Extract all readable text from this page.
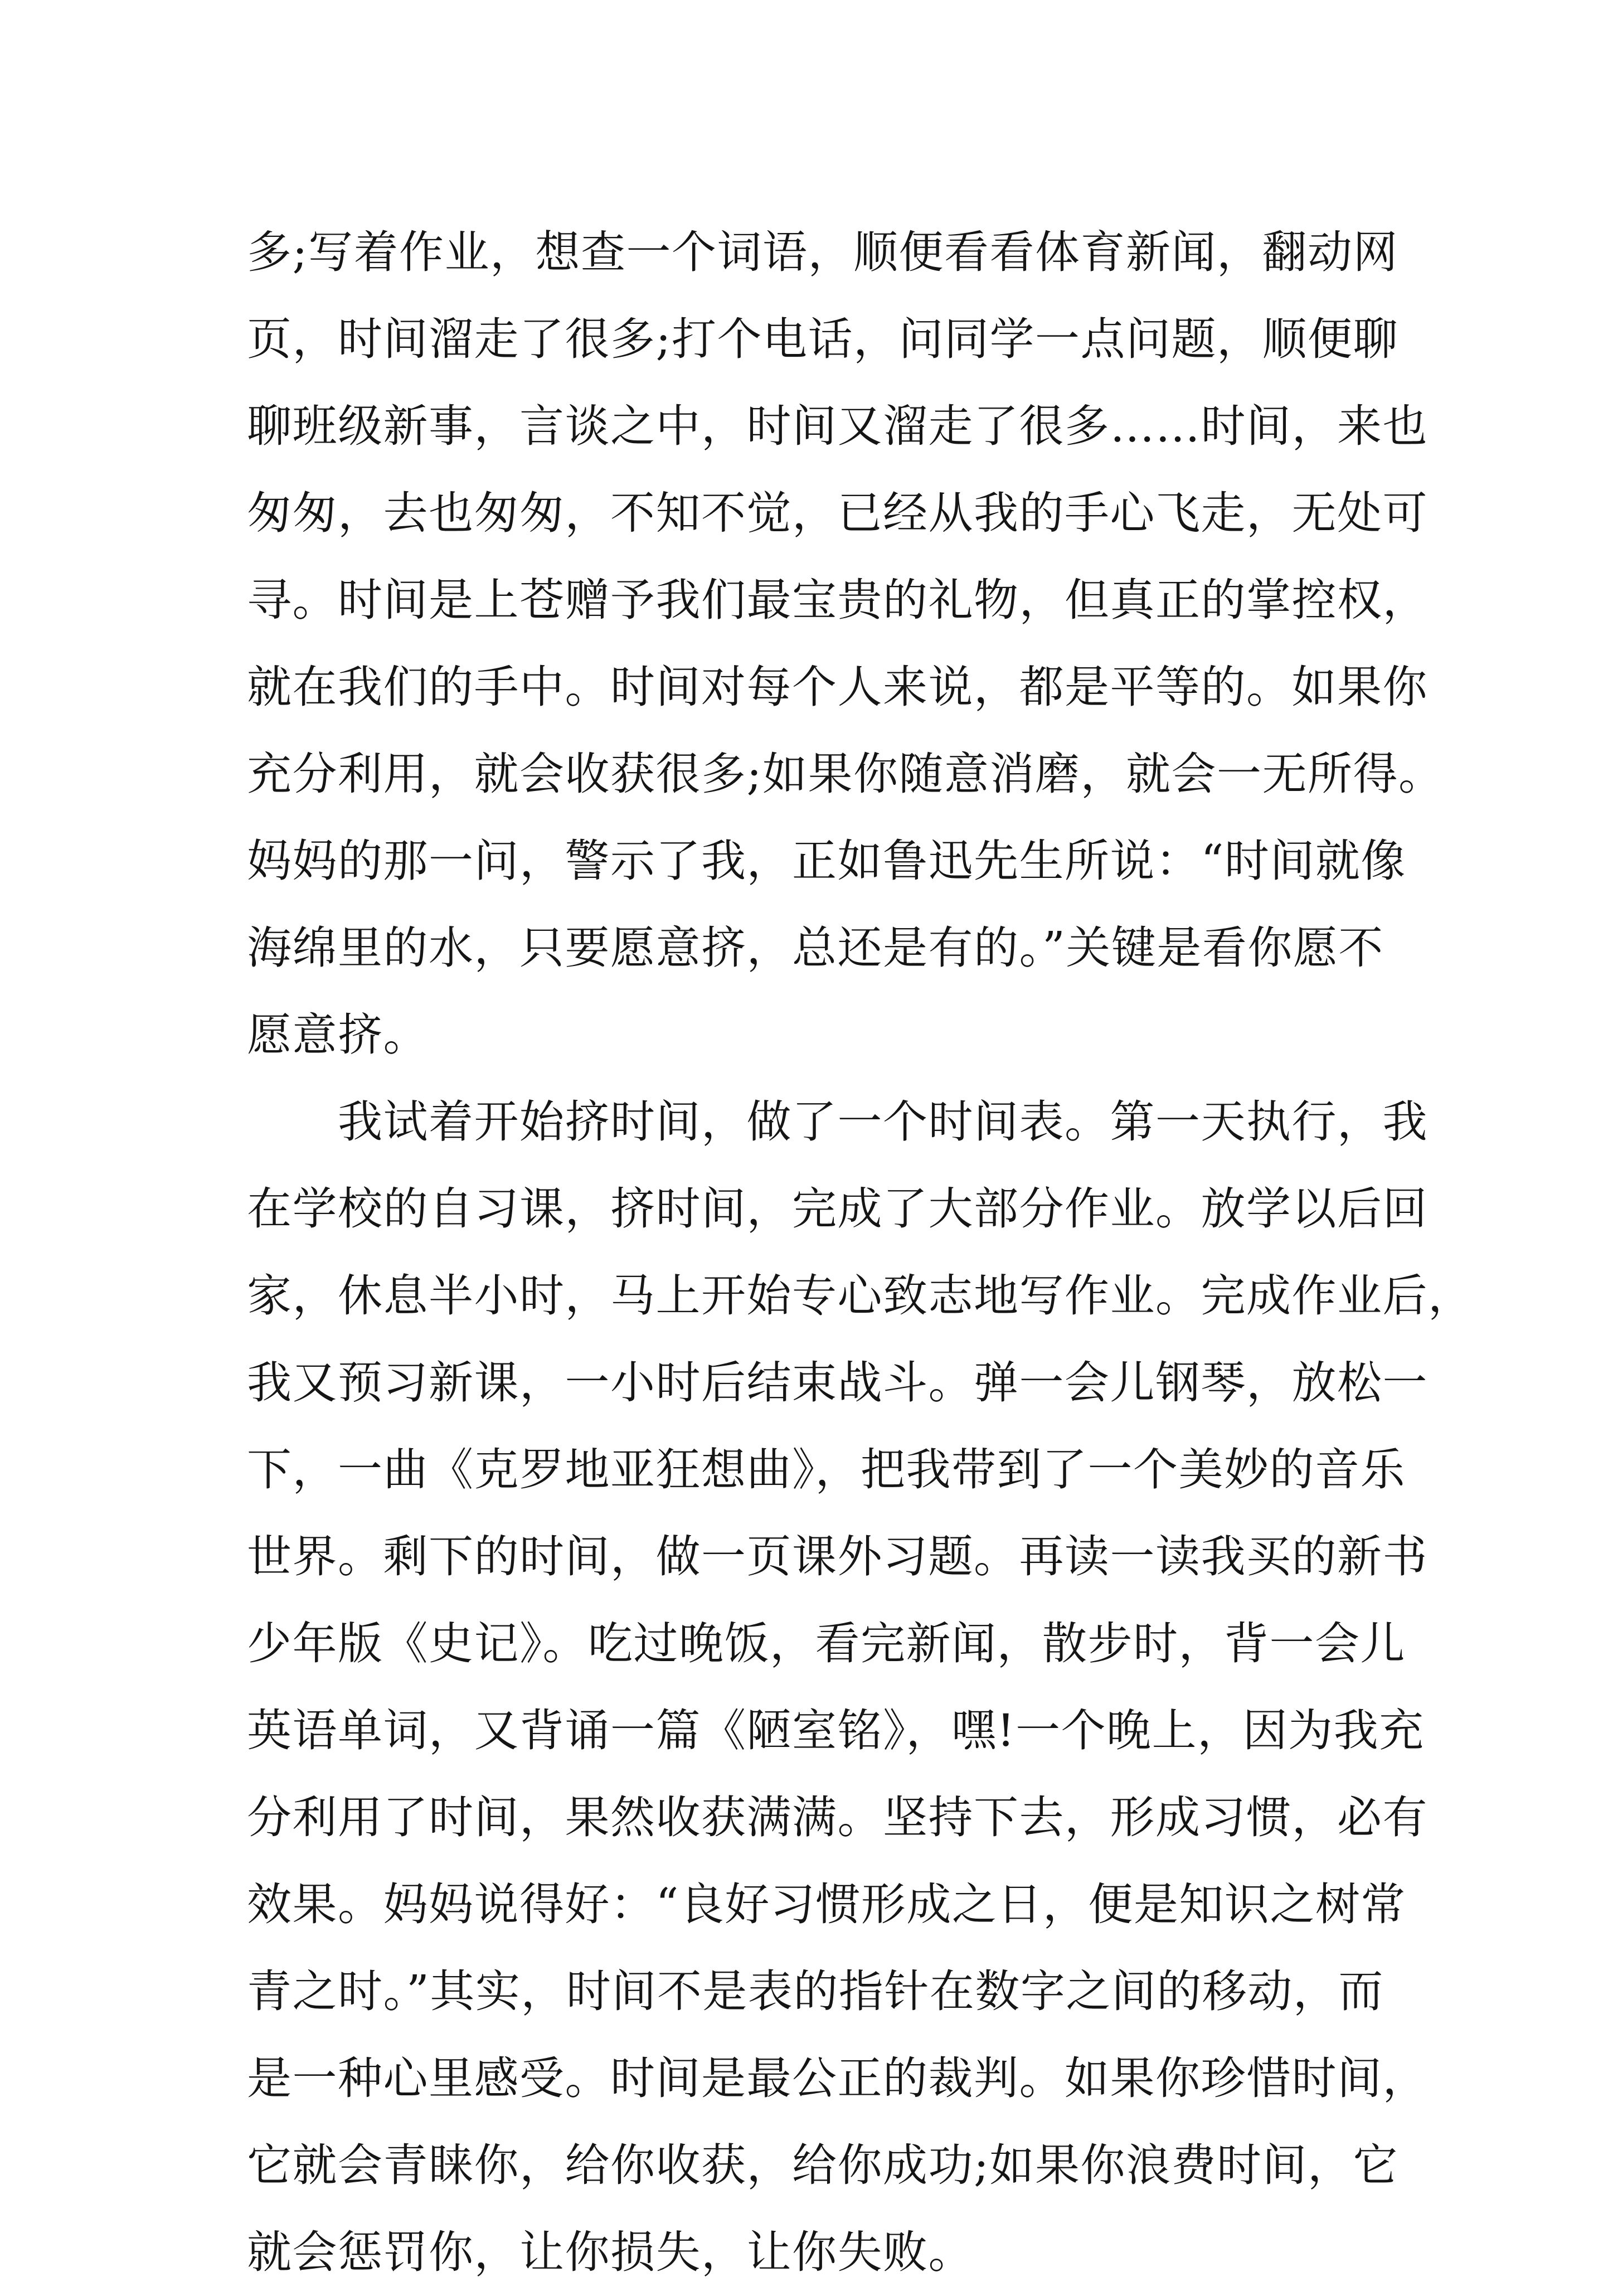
多;写着作业，想查一个词语，顺便看看体育新闻，翻动网
页，时间溜走了很多;打个电话，问同学一点问题，顺便聊
聊班级新事，言谈之中，时间又溜走了很多……时间，来也
匆匆，去也匆匆，不知不觉，已经从我的手心飞走，无处可
寻。时间是上苍赠予我们最宝贵的礼物，但真正的掌控权，
就在我们的手中。时间对每个人来说，都是平等的。如果你
充分利用，就会收获很多;如果你随意消磨，就会一无所得。
妈妈的那一问，警示了我，正如鲁迅先生所说：“时间就像
海绵里的水，只要愿意挤，总还是有的。”关键是看你愿不
愿意挤。
　　我试着开始挤时间，做了一个时间表。第一天执行，我
在学校的自习课，挤时间，完成了大部分作业。放学以后回
家，休息半小时，马上开始专心致志地写作业。完成作业后，
我又预习新课，一小时后结束战斗。弹一会儿钢琴，放松一
下，一曲《克罗地亚狂想曲》，把我带到了一个美妙的音乐
世界。剩下的时间，做一页课外习题。再读一读我买的新书
少年版《史记》。吃过晚饭，看完新闻，散步时，背一会儿
英语单词，又背诵一篇《陋室铭》，嘿!一个晚上，因为我充
分利用了时间，果然收获满满。坚持下去，形成习惯，必有
效果。妈妈说得好：“良好习惯形成之日，便是知识之树常
青之时。”其实，时间不是表的指针在数字之间的移动，而
是一种心里感受。时间是最公正的裁判。如果你珍惜时间，
它就会青睐你，给你收获，给你成功;如果你浪费时间，它
就会惩罚你，让你损失，让你失败。
